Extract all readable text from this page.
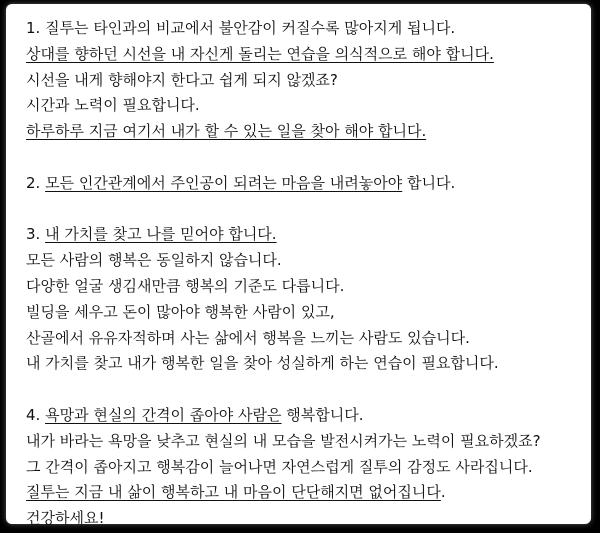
1. 질투는 타인과의 비교에서 불안감이 커질수록 많아지게 됩니다.
상대를 향하던 시선을 내 자신게 돌리는 연습을 의식적으로 해야 합니다.
시선을 내게 향해야지 한다고 쉽게 되지 않겠죠?
시간과 노력이 필요합니다.
하루하루 지금 여기서 내가 할 수 있는 일을 찾아 해야 합니다.
2. 모든 인간관계에서 주인공이 되려는 마음을 내려놓아야 합니다.
3. 내 가치를 찾고 나를 믿어야 합니다.
모든 사람의 행복은 동일하지 않습니다.
다양한 얼굴 생김새만큼 행복의 기준도 다릅니다.
빌딩을 세우고 돈이 많아야 행복한 사람이 있고,
산골에서 유유자적하며 사는 삶에서 행복을 느끼는 사람도 있습니다.
내 가치를 찾고 내가 행복한 일을 찾아 성실하게 하는 연습이 필요합니다.
4. 욕망과 현실의 간격이 좁아야 사람은 행복합니다.
내가 바라는 욕망을 낮추고 현실의 내 모습을 발전시켜가는 노력이 필요하겠죠?
그 간격이 좁아지고 행복감이 늘어나면 자연스럽게 질투의 감정도 사라집니다.
질투는 지금 내 삶이 행복하고 내 마음이 단단해지면 없어집니다.
건강하세요!
